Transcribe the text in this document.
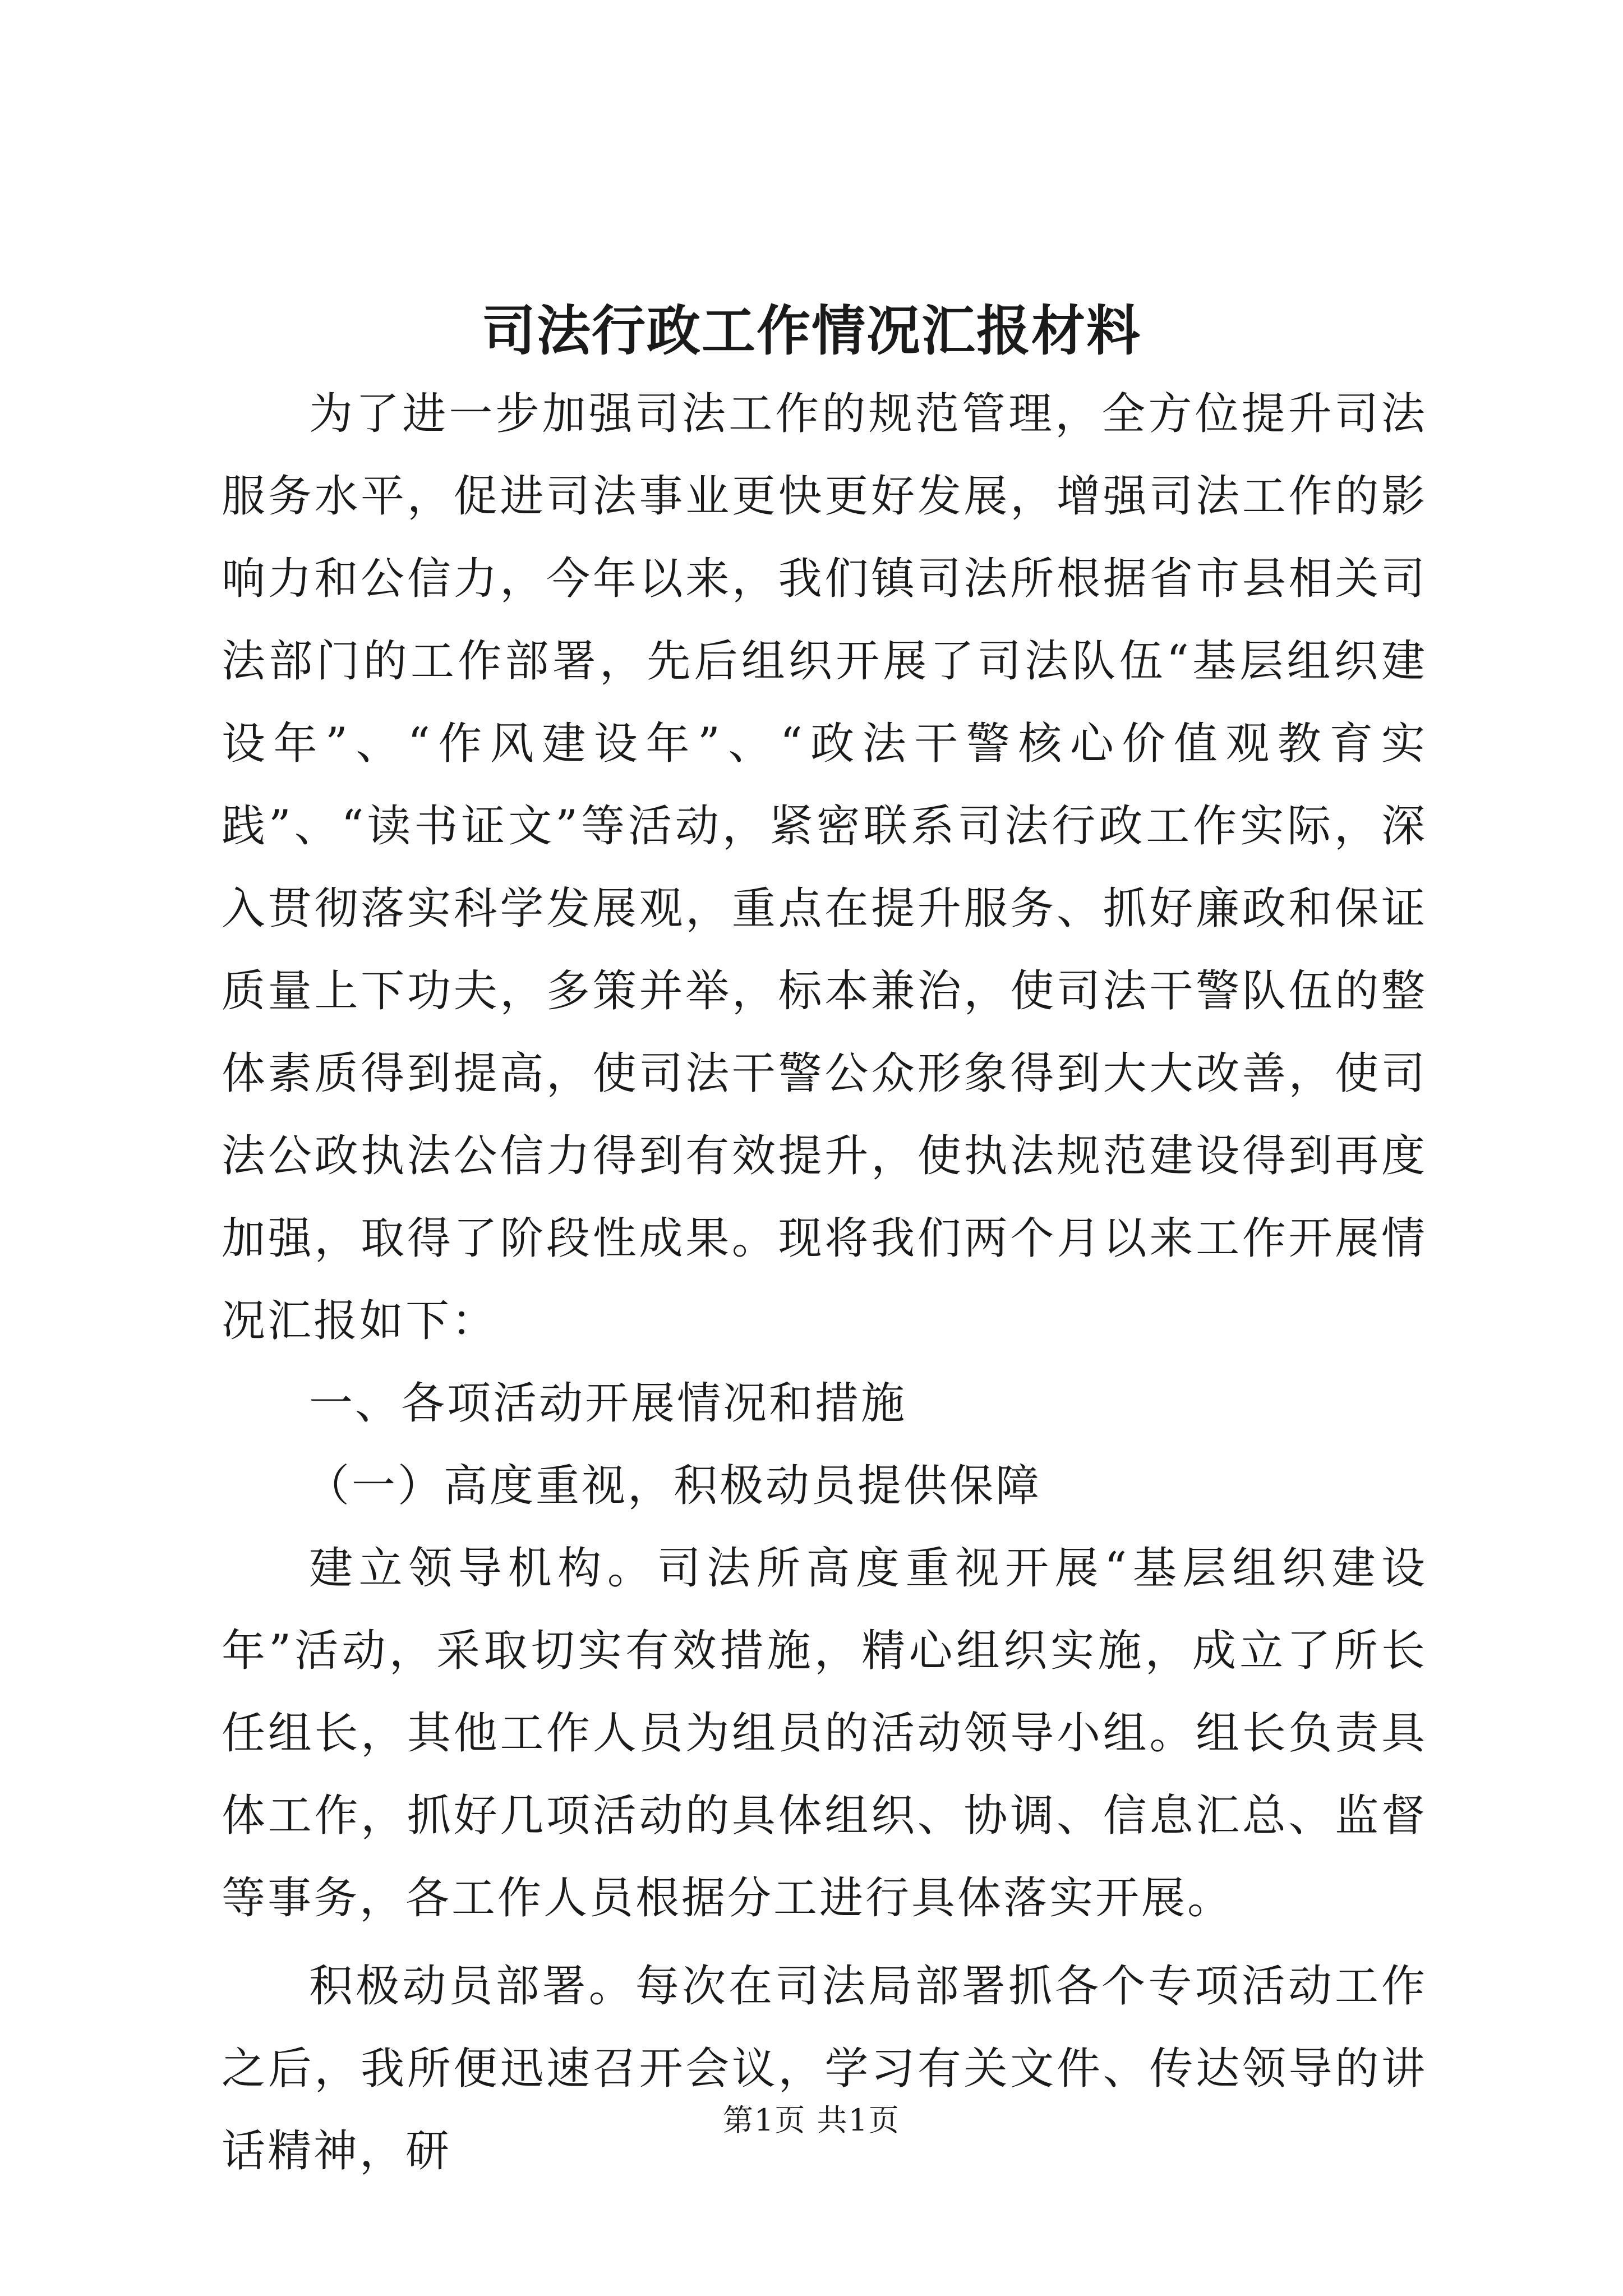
司法行政工作情况汇报材料

为了进一步加强司法工作的规范管理，全方位提升司法服务水平，促进司法事业更快更好发展，增强司法工作的影响力和公信力，今年以来，我们镇司法所根据省市县相关司法部门的工作部署，先后组织开展了司法队伍“基层组织建设年”、“作风建设年”、“政法干警核心价值观教育实践”、“读书证文”等活动，紧密联系司法行政工作实际，深入贯彻落实科学发展观，重点在提升服务、抓好廉政和保证质量上下功夫，多策并举，标本兼治，使司法干警队伍的整体素质得到提高，使司法干警公众形象得到大大改善，使司法公政执法公信力得到有效提升，使执法规范建设得到再度加强，取得了阶段性成果。现将我们两个月以来工作开展情况汇报如下：

一、各项活动开展情况和措施

（一）高度重视，积极动员提供保障

建立领导机构。司法所高度重视开展“基层组织建设年”活动，采取切实有效措施，精心组织实施，成立了所长任组长，其他工作人员为组员的活动领导小组。组长负责具体工作，抓好几项活动的具体组织、协调、信息汇总、监督等事务，各工作人员根据分工进行具体落实开展。

积极动员部署。每次在司法局部署抓各个专项活动工作之后，我所便迅速召开会议，学习有关文件、传达领导的讲话精神，研

第1页 共1页
